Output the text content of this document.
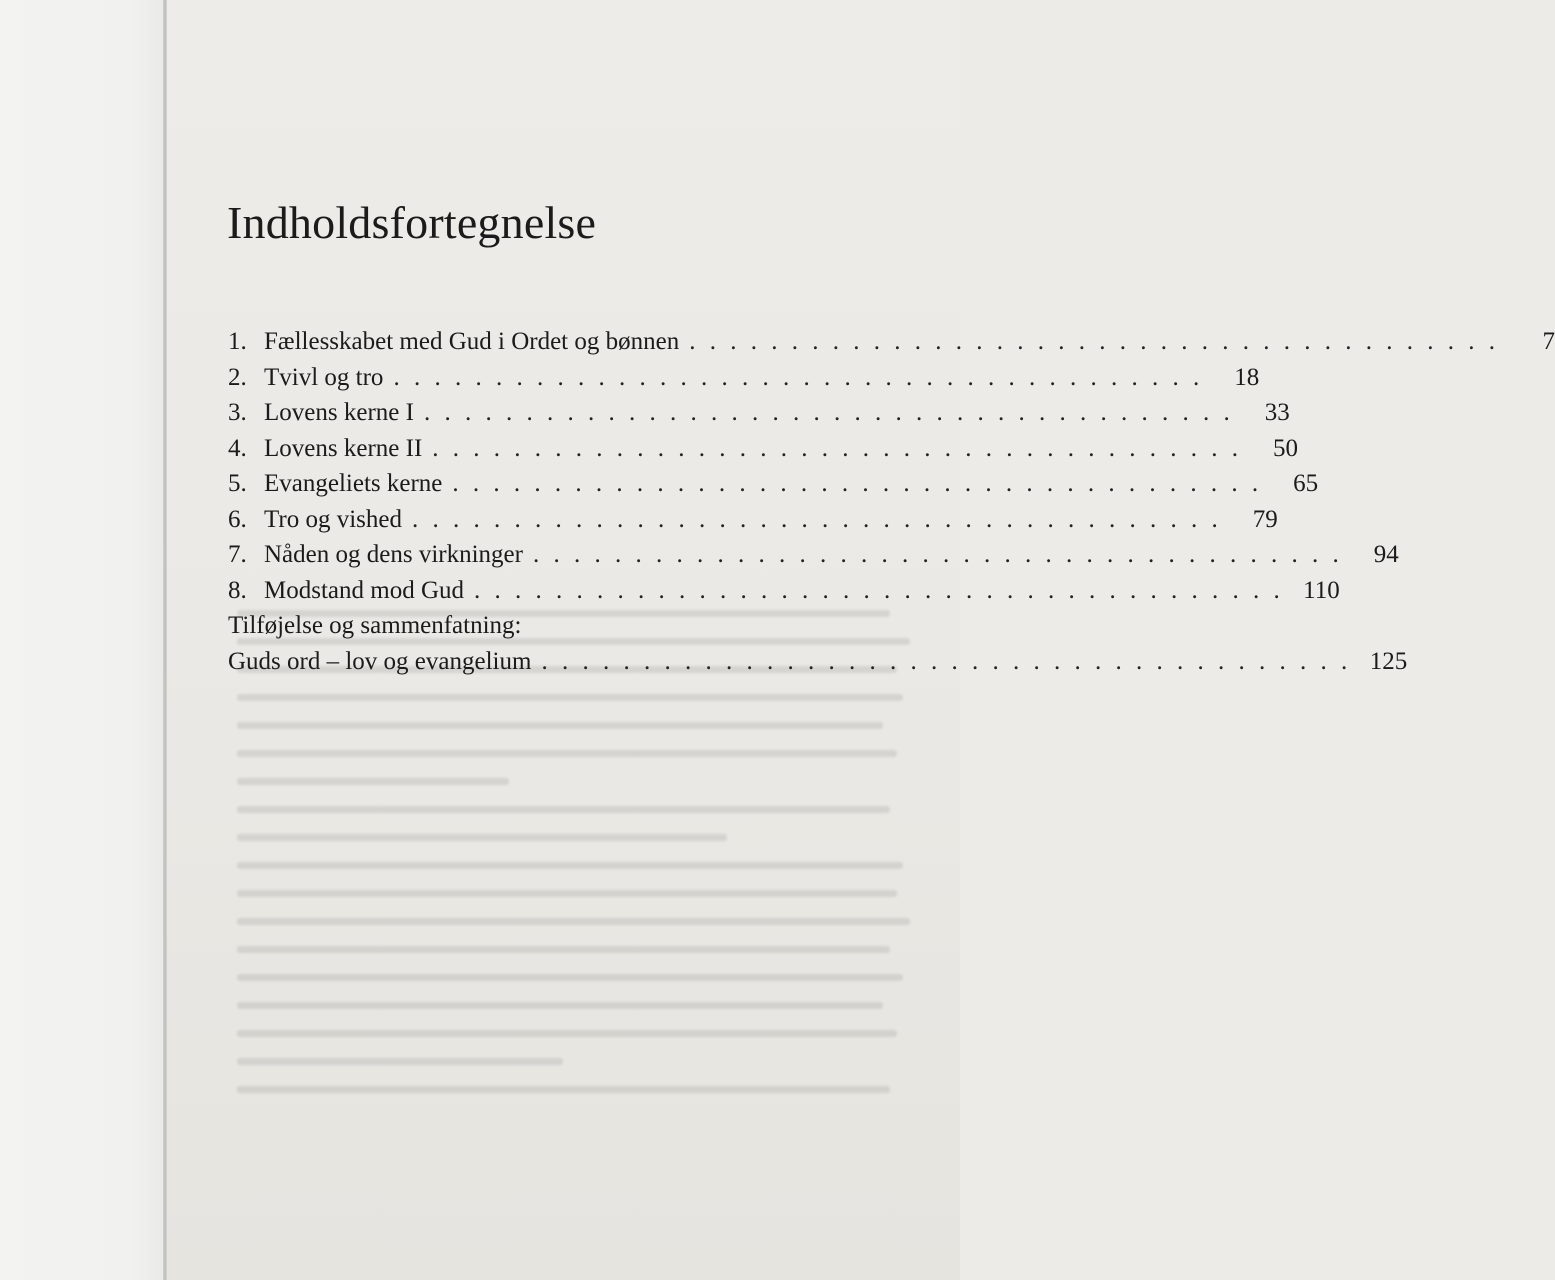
Indholdsfortegnelse
1. Fællesskabet med Gud i Ordet og bønnen . . . . . . . . . . . . . . . . . . . . . . . . . . . . . . . . . . . . . . . .	7
2. Tvivl og tro . . . . . . . . . . . . . . . . . . . . . . . . . . . . . . . . . . . . . . . .	18
3. Lovens kerne I . . . . . . . . . . . . . . . . . . . . . . . . . . . . . . . . . . . . . . . .	33
4. Lovens kerne II . . . . . . . . . . . . . . . . . . . . . . . . . . . . . . . . . . . . . . . .	50
5. Evangeliets kerne . . . . . . . . . . . . . . . . . . . . . . . . . . . . . . . . . . . . . . . .	65
6. Tro og vished . . . . . . . . . . . . . . . . . . . . . . . . . . . . . . . . . . . . . . . .	79
7. Nåden og dens virkninger . . . . . . . . . . . . . . . . . . . . . . . . . . . . . . . . . . . . . . . .	94
8. Modstand mod Gud . . . . . . . . . . . . . . . . . . . . . . . . . . . . . . . . . . . . . . . . 110
Tilføjelse og sammenfatning:
Guds ord – lov og evangelium . . . . . . . . . . . . . . . . . . . . . . . . . . . . . . . . . . . . . . . . 125
